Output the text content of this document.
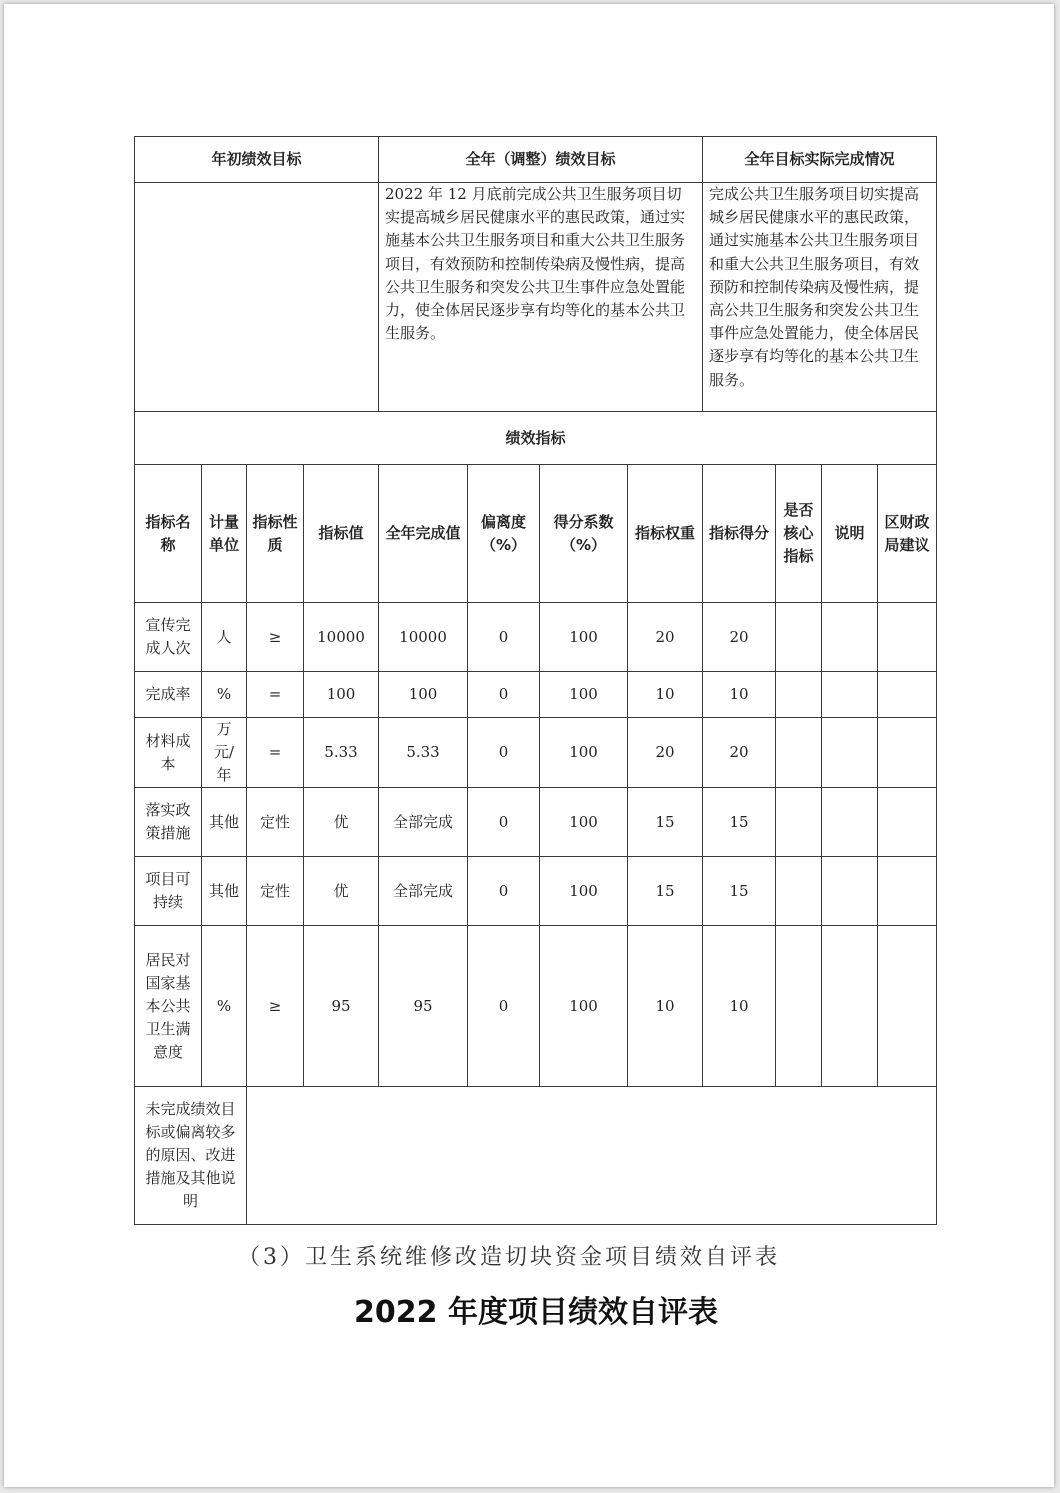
年初绩效目标				全年（调整）绩效目标				全年目标实际完成情况			
				2022 年 12 月底前完成公共卫生服务项目切实提高城乡居民健康水平的惠民政策，通过实施基本公共卫生服务项目和重大公共卫生服务项目，有效预防和控制传染病及慢性病，提高公共卫生服务和突发公共卫生事件应急处置能力，使全体居民逐步享有均等化的基本公共卫生服务。				完成公共卫生服务项目切实提高城乡居民健康水平的惠民政策，通过实施基本公共卫生服务项目和重大公共卫生服务项目，有效预防和控制传染病及慢性病，提高公共卫生服务和突发公共卫生事件应急处置能力，使全体居民逐步享有均等化的基本公共卫生服务。			
绩效指标											
指标名称	计量单位	指标性质	指标值	全年完成值	偏离度（%）	得分系数（%）	指标权重	指标得分	是否核心指标	说明	区财政局建议
宣传完成人次	人	≥	10000	10000	0	100	20	20			
完成率	%	=	100	100	0	100	10	10			
材料成本	万元/年	=	5.33	5.33	0	100	20	20			
落实政策措施	其他	定性	优	全部完成	0	100	15	15			
项目可持续	其他	定性	优	全部完成	0	100	15	15			
居民对国家基本公共卫生满意度	%	≥	95	95	0	100	10	10			
未完成绩效目标或偏离较多的原因、改进措施及其他说明											
（3）卫生系统维修改造切块资金项目绩效自评表
2022 年度项目绩效自评表
